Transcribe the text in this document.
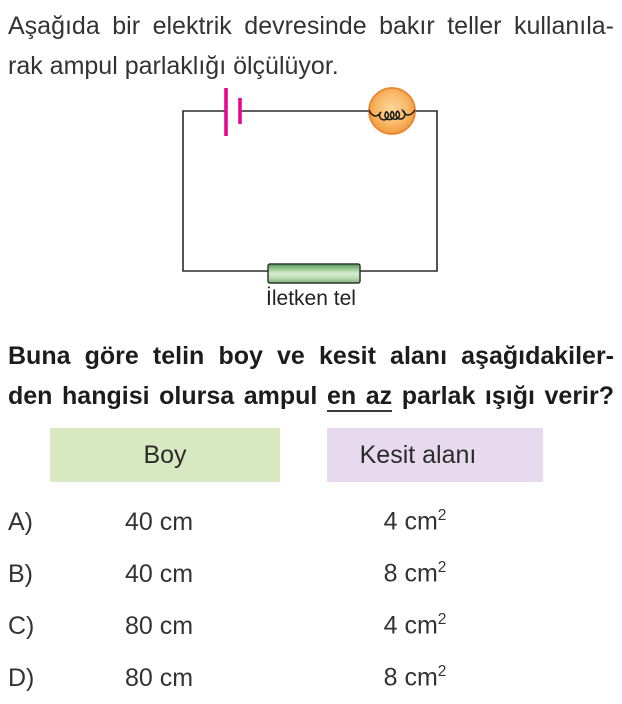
Aşağıda bir elektrik devresinde bakır teller kullanıla-
rak ampul parlaklığı ölçülüyor.
İletken tel
Buna göre telin boy ve kesit alanı aşağıdakiler-
den hangisi olursa ampul en az parlak ışığı verir?
Boy	Kesit alanı
A)	40 cm	4 $cm^2$
B)	40 cm	8 $cm^2$
C)	80 cm	4 $cm^2$
D)	80 cm	8 $cm^2$
